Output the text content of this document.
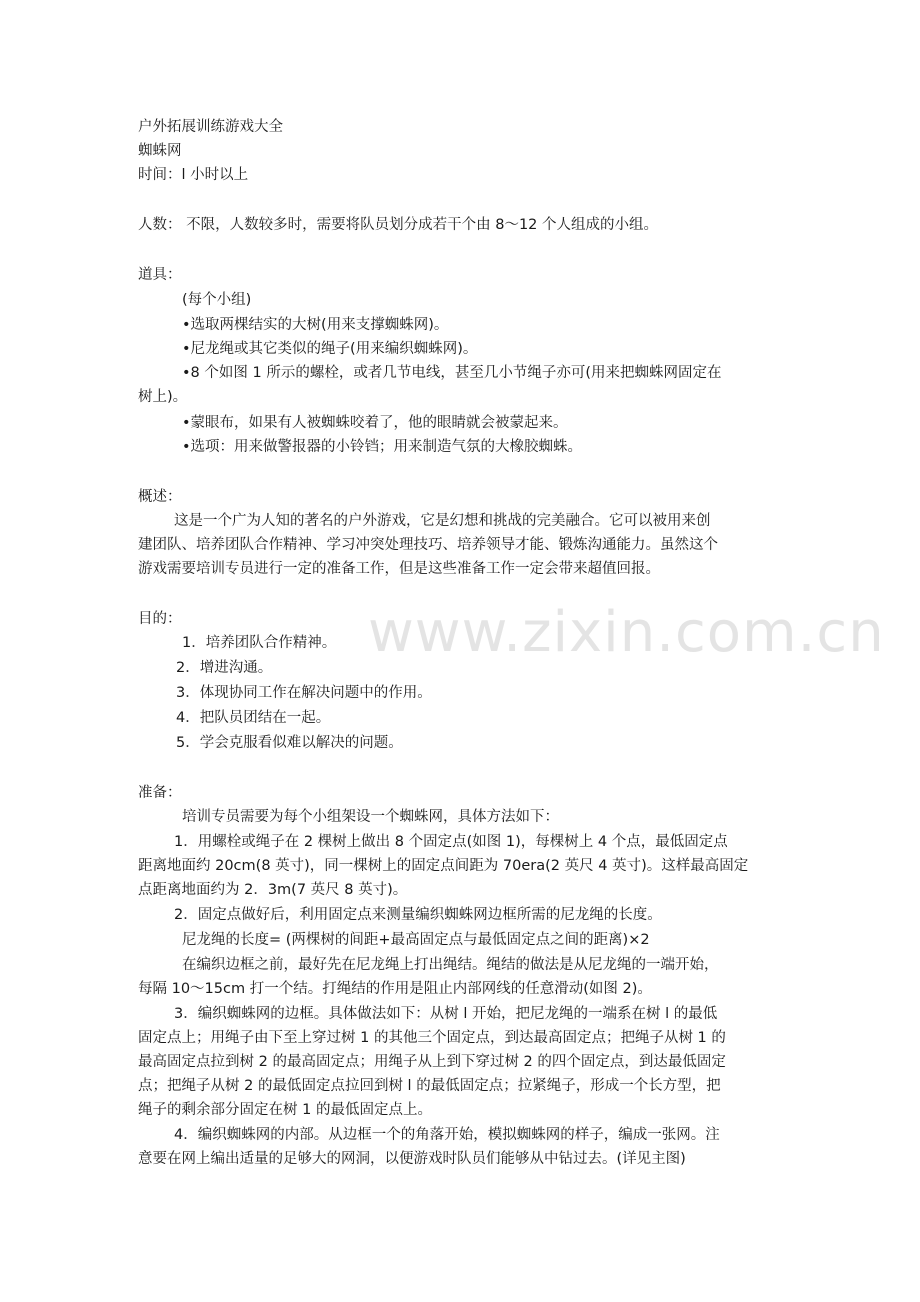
www.zixin.com.cn
户外拓展训练游戏大全
蜘蛛网
时间：l 小时以上
人数： 不限，人数较多时，需要将队员划分成若干个由 8～12 个人组成的小组。
道具：
(每个小组)
•选取两棵结实的大树(用来支撑蜘蛛网)。
•尼龙绳或其它类似的绳子(用来编织蜘蛛网)。
•8 个如图 1 所示的螺栓，或者几节电线，甚至几小节绳子亦可(用来把蜘蛛网固定在
树上)。
•蒙眼布，如果有人被蜘蛛咬着了，他的眼睛就会被蒙起来。
•选项：用来做警报器的小铃铛；用来制造气氛的大橡胶蜘蛛。
概述：
这是一个广为人知的著名的户外游戏，它是幻想和挑战的完美融合。它可以被用来创
建团队、培养团队合作精神、学习冲突处理技巧、培养领导才能、锻炼沟通能力。虽然这个
游戏需要培训专员进行一定的准备工作，但是这些准备工作一定会带来超值回报。
目的：
1．培养团队合作精神。
2．增进沟通。
3．体现协同工作在解决问题中的作用。
4．把队员团结在一起。
5．学会克服看似难以解决的问题。
准备：
培训专员需要为每个小组架设一个蜘蛛网，具体方法如下：
1．用螺栓或绳子在 2 棵树上做出 8 个固定点(如图 1)，每棵树上 4 个点，最低固定点
距离地面约 20cm(8 英寸)，同一棵树上的固定点间距为 70era(2 英尺 4 英寸)。这样最高固定
点距离地面约为 2．3m(7 英尺 8 英寸)。
2．固定点做好后，利用固定点来测量编织蜘蛛网边框所需的尼龙绳的长度。
尼龙绳的长度= (两棵树的间距+最高固定点与最低固定点之间的距离)×2
在编织边框之前，最好先在尼龙绳上打出绳结。绳结的做法是从尼龙绳的一端开始，
每隔 10～15cm 打一个结。打绳结的作用是阻止内部网线的任意滑动(如图 2)。
3．编织蜘蛛网的边框。具体做法如下：从树 l 开始，把尼龙绳的一端系在树 l 的最低
固定点上；用绳子由下至上穿过树 1 的其他三个固定点，到达最高固定点；把绳子从树 1 的
最高固定点拉到树 2 的最高固定点；用绳子从上到下穿过树 2 的四个固定点，到达最低固定
点；把绳子从树 2 的最低固定点拉回到树 l 的最低固定点；拉紧绳子，形成一个长方型，把
绳子的剩余部分固定在树 1 的最低固定点上。
4．编织蜘蛛网的内部。从边框一个的角落开始，模拟蜘蛛网的样子，编成一张网。注
意要在网上编出适量的足够大的网洞，以便游戏时队员们能够从中钻过去。(详见主图)
